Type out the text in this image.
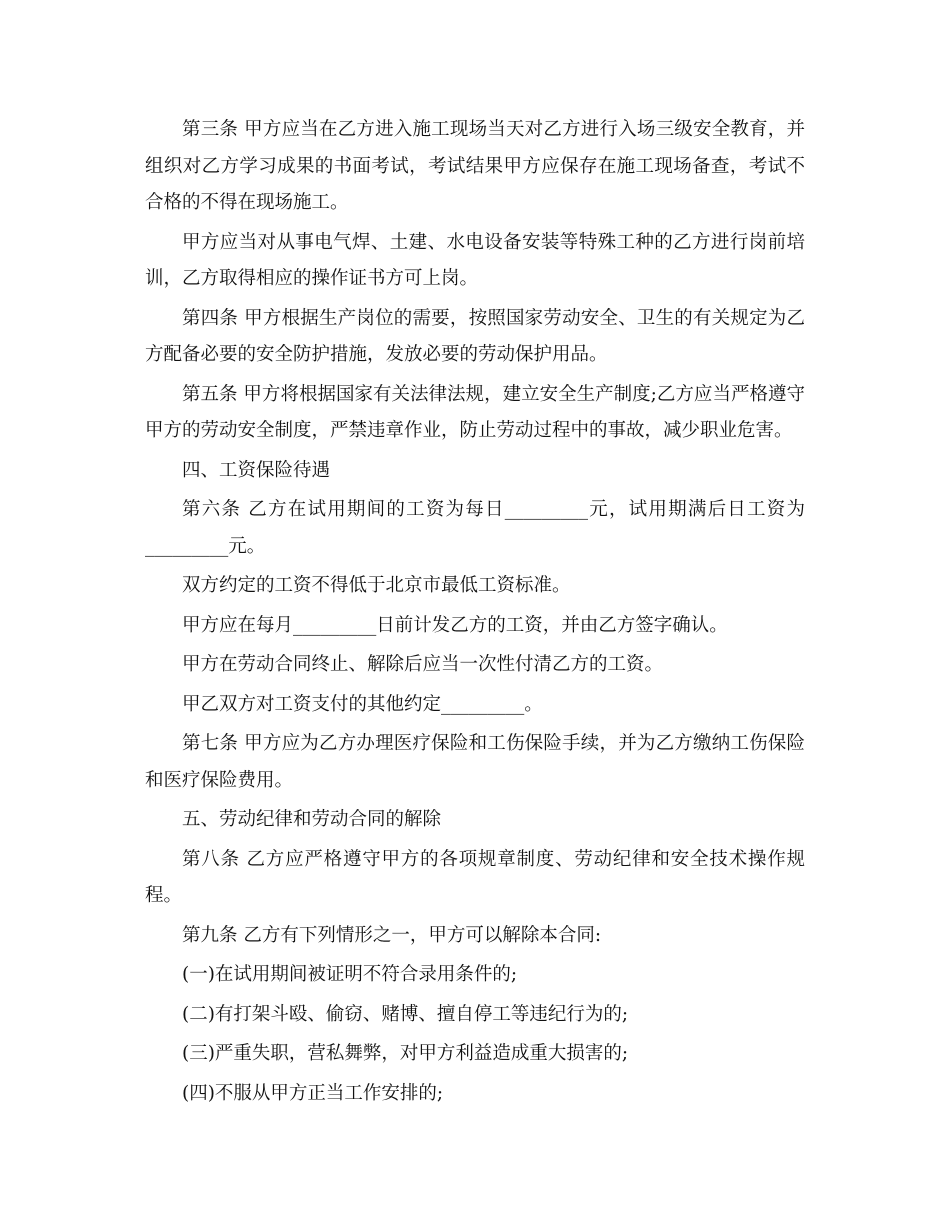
第三条 甲方应当在乙方进入施工现场当天对乙方进行入场三级安全教育，并组织对乙方学习成果的书面考试，考试结果甲方应保存在施工现场备查，考试不合格的不得在现场施工。

甲方应当对从事电气焊、土建、水电设备安装等特殊工种的乙方进行岗前培训，乙方取得相应的操作证书方可上岗。

第四条 甲方根据生产岗位的需要，按照国家劳动安全、卫生的有关规定为乙方配备必要的安全防护措施，发放必要的劳动保护用品。

第五条 甲方将根据国家有关法律法规，建立安全生产制度;乙方应当严格遵守甲方的劳动安全制度，严禁违章作业，防止劳动过程中的事故，减少职业危害。

四、工资保险待遇

第六条 乙方在试用期间的工资为每日_________元，试用期满后日工资为_________元。

双方约定的工资不得低于北京市最低工资标准。

甲方应在每月_________日前计发乙方的工资，并由乙方签字确认。

甲方在劳动合同终止、解除后应当一次性付清乙方的工资。

甲乙双方对工资支付的其他约定_________。

第七条 甲方应为乙方办理医疗保险和工伤保险手续，并为乙方缴纳工伤保险和医疗保险费用。

五、劳动纪律和劳动合同的解除

第八条 乙方应严格遵守甲方的各项规章制度、劳动纪律和安全技术操作规程。

第九条 乙方有下列情形之一，甲方可以解除本合同:

(一)在试用期间被证明不符合录用条件的;

(二)有打架斗殴、偷窃、赌博、擅自停工等违纪行为的;

(三)严重失职，营私舞弊，对甲方利益造成重大损害的;

(四)不服从甲方正当工作安排的;
